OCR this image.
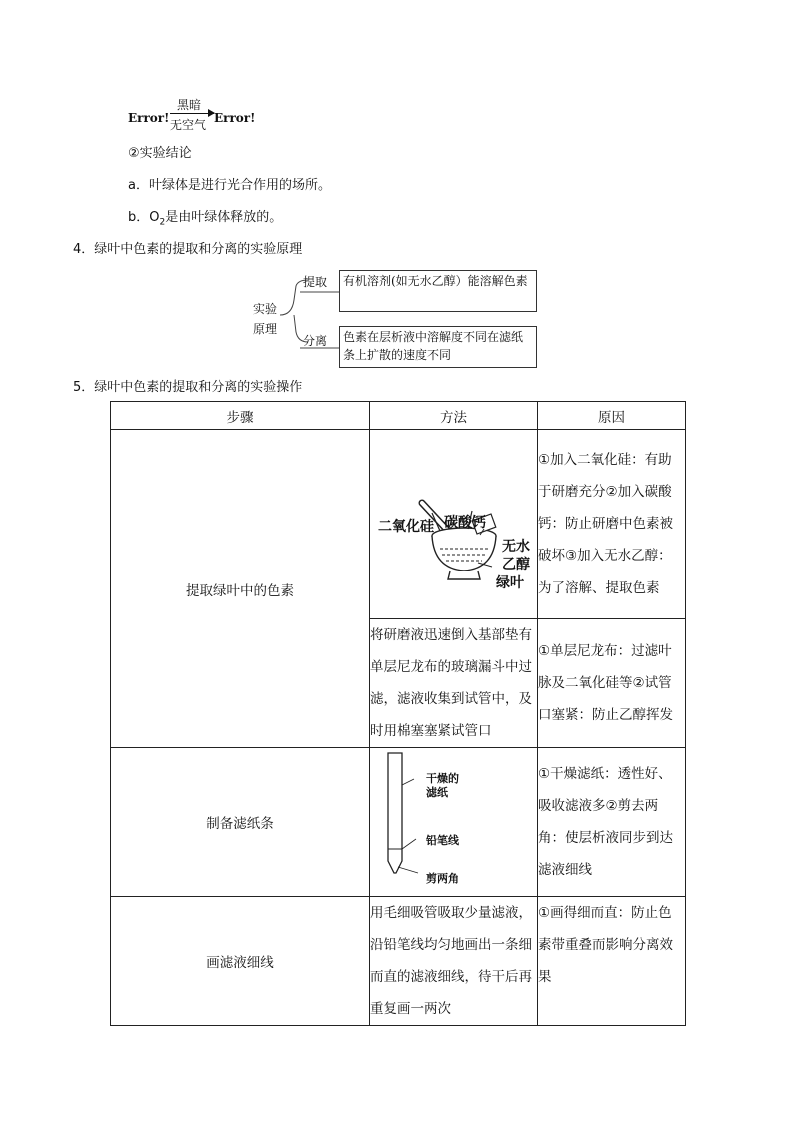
Error!
黑暗
无空气 Error!
②实验结论
a．叶绿体是进行光合作用的场所。
b．$O_2$是由叶绿体释放的。
4．绿叶中色素的提取和分离的实验原理
实验
原理
提取	有机溶剂(如无水乙醇）能溶解色素
分离	色素在层析液中溶解度不同在滤纸条上扩散的速度不同
5．绿叶中色素的提取和分离的实验操作
步骤	方法	原因
提取绿叶中的色素	二氧化硅 碳酸钙
无水
乙醇
绿叶	①加入二氧化硅：有助于研磨充分②加入碳酸钙：防止研磨中色素被破坏③加入无水乙醇：为了溶解、提取色素
	将研磨液迅速倒入基部垫有单层尼龙布的玻璃漏斗中过滤，滤液收集到试管中，及时用棉塞塞紧试管口	①单层尼龙布：过滤叶脉及二氧化硅等②试管口塞紧：防止乙醇挥发
制备滤纸条	干燥的
滤纸
铅笔线
剪两角	①干燥滤纸：透性好、吸收滤液多②剪去两角：使层析液同步到达滤液细线
画滤液细线	用毛细吸管吸取少量滤液，沿铅笔线均匀地画出一条细而直的滤液细线，待干后再重复画一两次	①画得细而直：防止色素带重叠而影响分离效果
